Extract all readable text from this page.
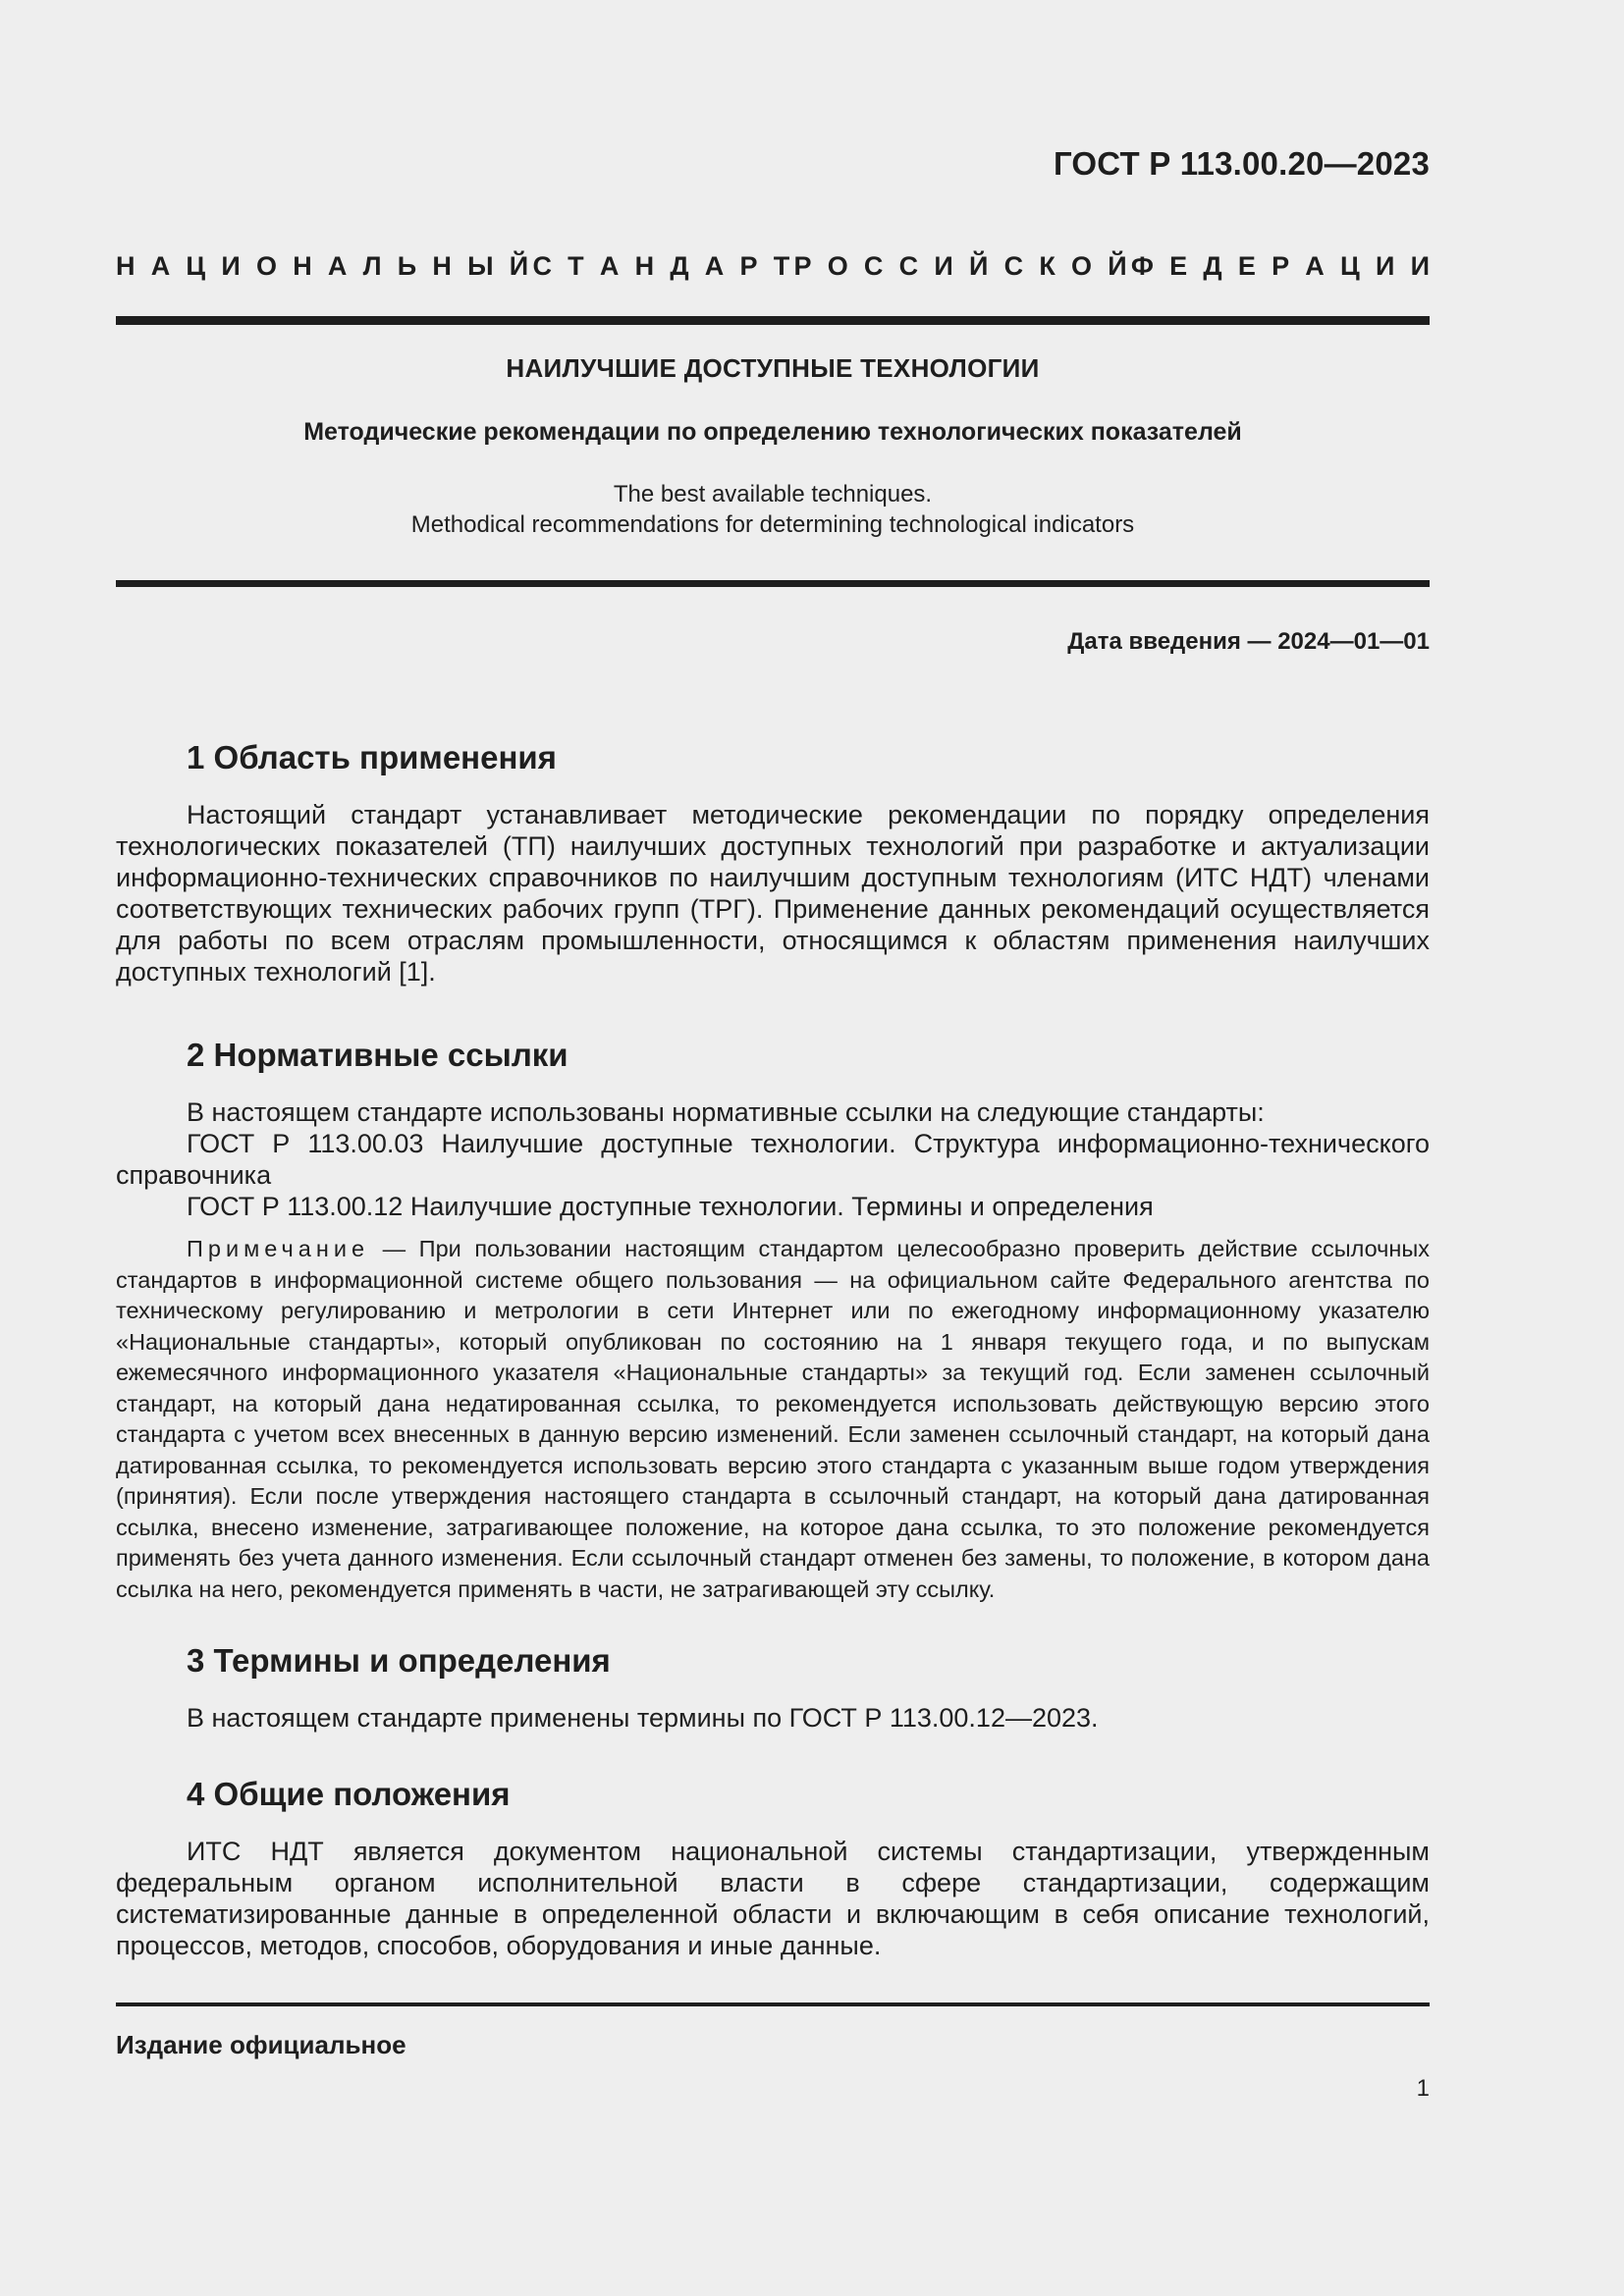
ГОСТ Р 113.00.20—2023
Н   А   Ц   И   О   Н   А   Л   Ь   Н   Ы   Й С   Т   А   Н   Д   А   Р   Т Р   О   С   С   И   Й   С   К   О   Й Ф   Е   Д   Е   Р   А   Ц   И   И
НАИЛУЧШИЕ ДОСТУПНЫЕ ТЕХНОЛОГИИ
Методические рекомендации по определению технологических показателей
The best available techniques.
Methodical recommendations for determining technological indicators
Дата введения — 2024—01—01
1 Область применения

Настоящий стандарт устанавливает методические рекомендации по порядку определения технологических показателей (ТП) наилучших доступных технологий при разработке и актуализации информационно-технических справочников по наилучшим доступным технологиям (ИТС НДТ) членами соответствующих технических рабочих групп (ТРГ). Применение данных рекомендаций осуществляется для работы по всем отраслям промышленности, относящимся к областям применения наилучших доступных технологий [1].

2 Нормативные ссылки

В настоящем стандарте использованы нормативные ссылки на следующие стандарты:

ГОСТ Р 113.00.03 Наилучшие доступные технологии. Структура информационно-технического справочника

ГОСТ Р 113.00.12 Наилучшие доступные технологии. Термины и определения

Примечание — При пользовании настоящим стандартом целесообразно проверить действие ссылочных стандартов в информационной системе общего пользования — на официальном сайте Федерального агентства по техническому регулированию и метрологии в сети Интернет или по ежегодному информационному указателю «Национальные стандарты», который опубликован по состоянию на 1 января текущего года, и по выпускам ежемесячного информационного указателя «Национальные стандарты» за текущий год. Если заменен ссылочный стандарт, на который дана недатированная ссылка, то рекомендуется использовать действующую версию этого стандарта с учетом всех внесенных в данную версию изменений. Если заменен ссылочный стандарт, на который дана датированная ссылка, то рекомендуется использовать версию этого стандарта с указанным выше годом утверждения (принятия). Если после утверждения настоящего стандарта в ссылочный стандарт, на который дана датированная ссылка, внесено изменение, затрагивающее положение, на которое дана ссылка, то это положение рекомендуется применять без учета данного изменения. Если ссылочный стандарт отменен без замены, то положение, в котором дана ссылка на него, рекомендуется применять в части, не затрагивающей эту ссылку.
3 Термины и определения

В настоящем стандарте применены термины по ГОСТ Р 113.00.12—2023.

4 Общие положения

ИТС НДТ является документом национальной системы стандартизации, утвержденным федеральным органом исполнительной власти в сфере стандартизации, содержащим систематизированные данные в определенной области и включающим в себя описание технологий, процессов, методов, способов, оборудования и иные данные.

Издание официальное
1
